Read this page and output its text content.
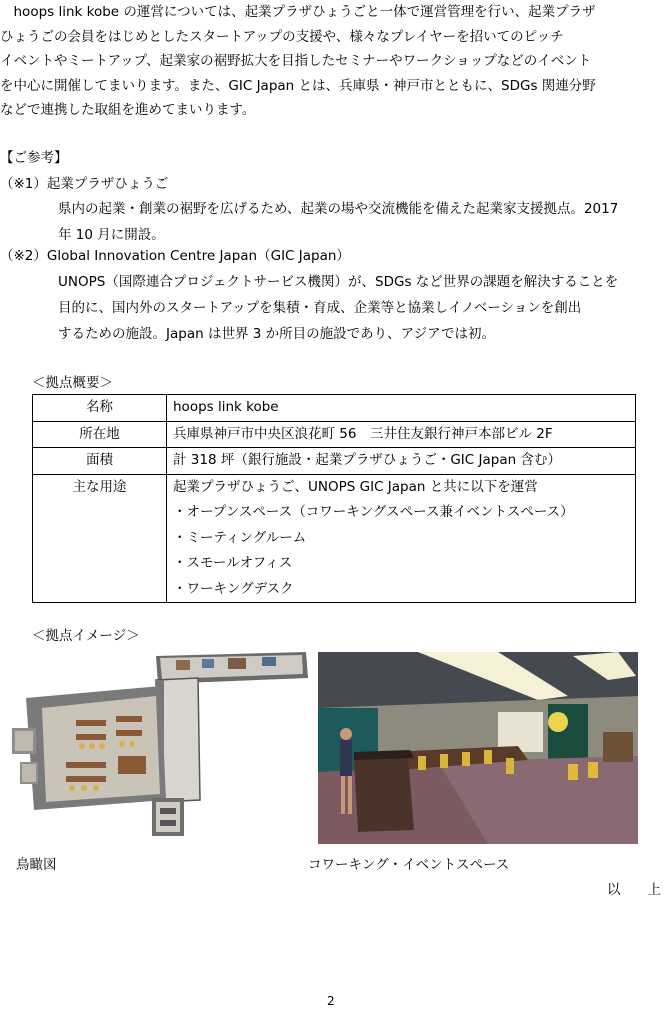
　hoops link kobe の運営については、起業プラザひょうごと一体で運営管理を行い、起業プラザ
ひょうごの会員をはじめとしたスタートアップの支援や、様々なプレイヤーを招いてのピッチ
イベントやミートアップ、起業家の裾野拡大を目指したセミナーやワークショップなどのイベント
を中心に開催してまいります。また、GIC Japan とは、兵庫県・神戸市とともに、SDGs 関連分野
などで連携した取組を進めてまいります。
【ご参考】
（※1）起業プラザひょうご
県内の起業・創業の裾野を広げるため、起業の場や交流機能を備えた起業家支援拠点。2017
年 10 月に開設。
（※2）Global Innovation Centre Japan（GIC Japan）
UNOPS（国際連合プロジェクトサービス機関）が、SDGs など世界の課題を解決することを
目的に、国内外のスタートアップを集積・育成、企業等と協業しイノベーションを創出
するための施設。Japan は世界 3 か所目の施設であり、アジアでは初。
＜拠点概要＞
名称	hoops link kobe

所在地	兵庫県神戸市中央区浪花町 56　三井住友銀行神戸本部ビル 2F

面積	計 318 坪（銀行施設・起業プラザひょうご・GIC Japan 含む）

主な用途	起業プラザひょうご、UNOPS GIC Japan と共に以下を運営
・オープンスペース（コワーキングスペース兼イベントスペース）
・ミーティングルーム
・スモールオフィス
・ワーキングデスク
＜拠点イメージ＞
鳥瞰図	コワーキング・イベントスペース
以　　上
2
